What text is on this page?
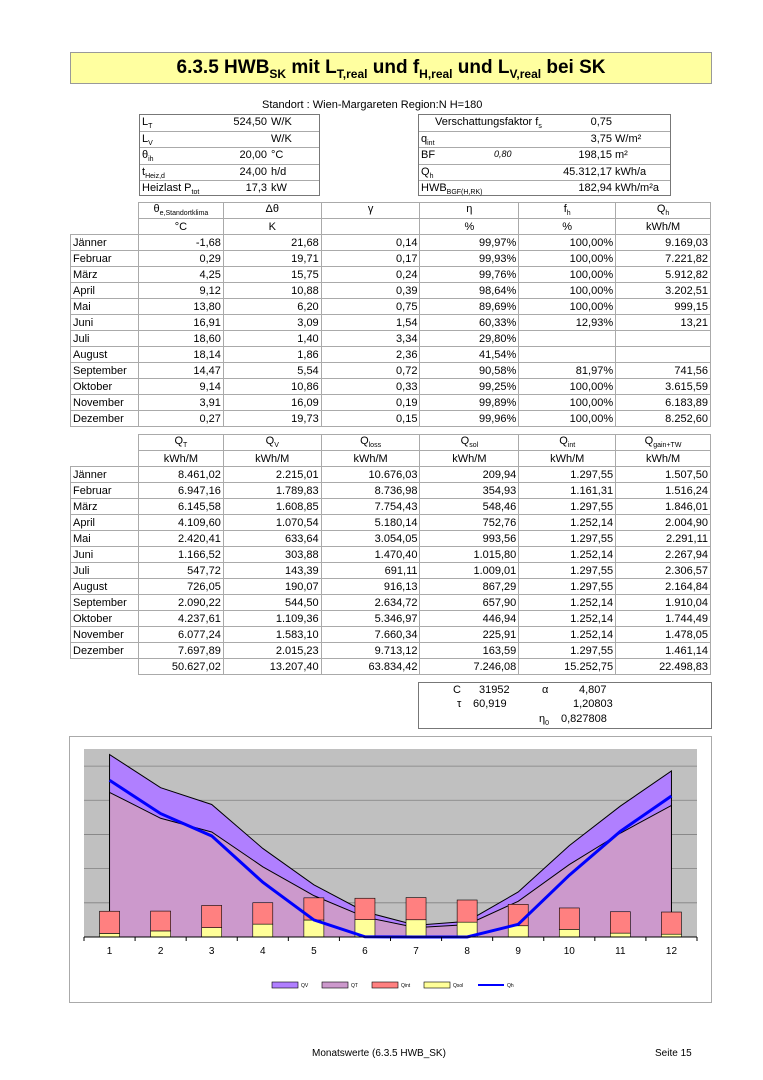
6.3.5 $HWB_{SK}$ mit $L_{T,real}$ und $f_{H,real}$ und $L_{V,real}$ bei SK
Standort : Wien-Margareten Region:N H=180
$L_T$	524,50 W/K
$L_V$	W/K
$\theta_{ih}$	20,00 °C
$t_{Heiz,d}$	24,00 h/d
Heizlast $P_{tot}$	17,3 kW
Verschattungsfaktor $f_s$	0,75
$q_{int}$	3,75 W/m²
BF	0,80	198,15 m²
$Q_h$	45.312,17 kWh/a
$HWB_{BGF(H,RK)}$	182,94 kWh/m²a
	$\theta_{e,Standortklima}$	Δθ	γ	η	$f_h$	$Q_h$
	°C	K		%	%	kWh/M
Jänner	-1,68	21,68	0,14	99,97%	100,00%	9.169,03
Februar	0,29	19,71	0,17	99,93%	100,00%	7.221,82
März	4,25	15,75	0,24	99,76%	100,00%	5.912,82
April	9,12	10,88	0,39	98,64%	100,00%	3.202,51
Mai	13,80	6,20	0,75	89,69%	100,00%	999,15
Juni	16,91	3,09	1,54	60,33%	12,93%	13,21
Juli	18,60	1,40	3,34	29,80%		
August	18,14	1,86	2,36	41,54%		
September	14,47	5,54	0,72	90,58%	81,97%	741,56
Oktober	9,14	10,86	0,33	99,25%	100,00%	3.615,59
November	3,91	16,09	0,19	99,89%	100,00%	6.183,89
Dezember	0,27	19,73	0,15	99,96%	100,00%	8.252,60
	$Q_T$	$Q_V$	$Q_{loss}$	$Q_{sol}$	$Q_{int}$	$Q_{gain+TW}$
	kWh/M	kWh/M	kWh/M	kWh/M	kWh/M	kWh/M
Jänner	8.461,02	2.215,01	10.676,03	209,94	1.297,55	1.507,50
Februar	6.947,16	1.789,83	8.736,98	354,93	1.161,31	1.516,24
März	6.145,58	1.608,85	7.754,43	548,46	1.297,55	1.846,01
April	4.109,60	1.070,54	5.180,14	752,76	1.252,14	2.004,90
Mai	2.420,41	633,64	3.054,05	993,56	1.297,55	2.291,11
Juni	1.166,52	303,88	1.470,40	1.015,80	1.252,14	2.267,94
Juli	547,72	143,39	691,11	1.009,01	1.297,55	2.306,57
August	726,05	190,07	916,13	867,29	1.297,55	2.164,84
September	2.090,22	544,50	2.634,72	657,90	1.252,14	1.910,04
Oktober	4.237,61	1.109,36	5.346,97	446,94	1.252,14	1.744,49
November	6.077,24	1.583,10	7.660,34	225,91	1.252,14	1.478,05
Dezember	7.697,89	2.015,23	9.713,12	163,59	1.297,55	1.461,14
	50.627,02	13.207,40	63.834,42	7.246,08	15.252,75	22.498,83
C 31952	α	4,807
τ 60,919	1,20803
$\eta_0$ 0,827808
1	2	3	4	5	6	7	8	9	10	11	12
QV	QT	Qint	Qsol	Qh
Monatswerte (6.3.5 HWB_SK)	Seite 15
